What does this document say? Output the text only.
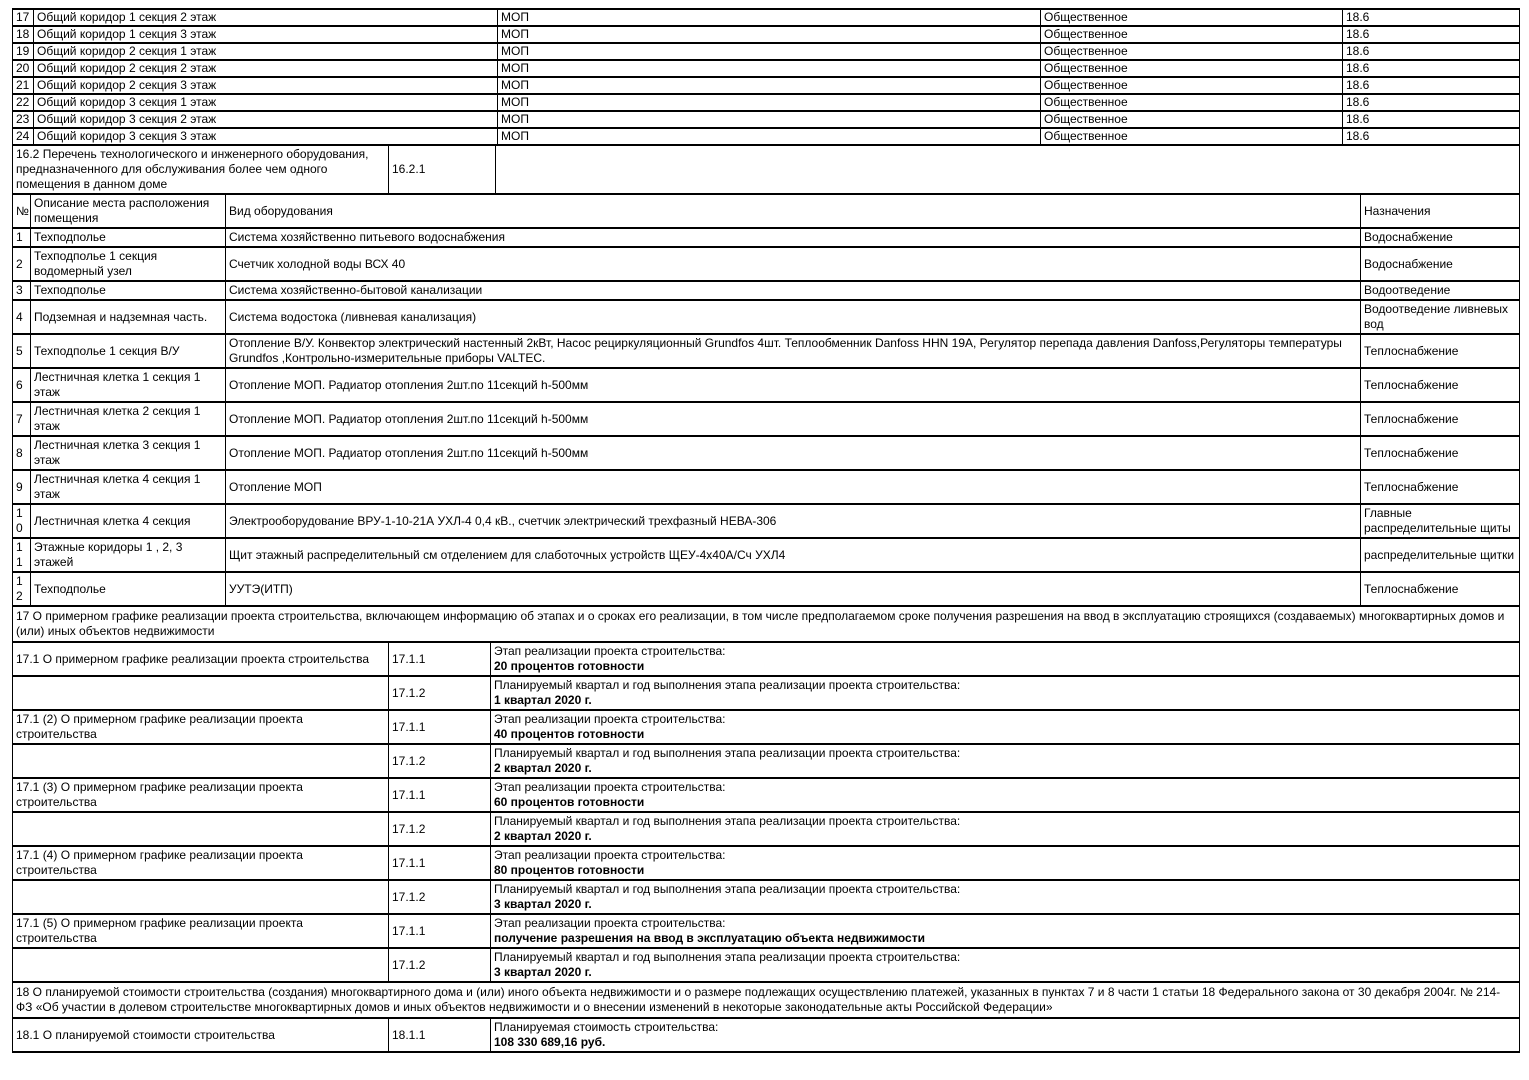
17	Общий коридор 1 секция 2 этаж	МОП	Общественное	18.6
18	Общий коридор 1 секция 3 этаж	МОП	Общественное	18.6
19	Общий коридор 2 секция 1 этаж	МОП	Общественное	18.6
20	Общий коридор 2 секция 2 этаж	МОП	Общественное	18.6
21	Общий коридор 2 секция 3 этаж	МОП	Общественное	18.6
22	Общий коридор 3 секция 1 этаж	МОП	Общественное	18.6
23	Общий коридор 3 секция 2 этаж	МОП	Общественное	18.6
24	Общий коридор 3 секция 3 этаж	МОП	Общественное	18.6
16.2 Перечень технологического и инженерного оборудования, предназначенного для обслуживания более чем одного помещения в данном доме	16.2.1	
№	Описание места расположения помещения	Вид оборудования	Назначения
1	Техподполье	Система хозяйственно питьевого водоснабжения	Водоснабжение
2	Техподполье 1 секция водомерный узел	Счетчик холодной воды ВСХ 40	Водоснабжение
3	Техподполье	Система хозяйственно-бытовой канализации	Водоотведение
4	Подземная и надземная часть.	Система водостока (ливневая канализация)	Водоотведение ливневых вод
5	Техподполье 1 секция В/У	Отопление В/У. Конвектор электрический настенный 2кВт, Насос рециркуляционный Grundfos 4шт. Теплообменник Danfoss HHN 19A, Регулятор перепада давления Danfoss,Регуляторы температуры Grundfos ,Контрольно-измерительные приборы VALTEC.	Теплоснабжение
6	Лестничная клетка 1 секция 1 этаж	Отопление МОП. Радиатор отопления 2шт.по 11секций h-500мм	Теплоснабжение
7	Лестничная клетка 2 секция 1 этаж	Отопление МОП. Радиатор отопления 2шт.по 11секций h-500мм	Теплоснабжение
8	Лестничная клетка 3 секция 1 этаж	Отопление МОП. Радиатор отопления 2шт.по 11секций h-500мм	Теплоснабжение
9	Лестничная клетка 4 секция 1 этаж	Отопление МОП	Теплоснабжение
10	Лестничная клетка 4 секция	Электрооборудование ВРУ-1-10-21А УХЛ-4 0,4 кВ., счетчик электрический трехфазный НЕВА-306	Главные распределительные щиты
11	Этажные коридоры 1 , 2, 3 этажей	Щит этажный распределительный см отделением для слаботочных устройств ЩЕУ-4х40А/Сч УХЛ4	распределительные щитки
12	Техподполье	УУТЭ(ИТП)	Теплоснабжение
17 О примерном графике реализации проекта строительства, включающем информацию об этапах и о сроках его реализации, в том числе предполагаемом сроке получения разрешения на ввод в эксплуатацию строящихся (создаваемых) многоквартирных домов и (или) иных объектов недвижимости
17.1 О примерном графике реализации проекта строительства	17.1.1	Этап реализации проекта строительства:
20 процентов готовности

	17.1.2	Планируемый квартал и год выполнения этапа реализации проекта строительства:
1 квартал 2020 г.

17.1 (2) О примерном графике реализации проекта строительства	17.1.1	Этап реализации проекта строительства:
40 процентов готовности

	17.1.2	Планируемый квартал и год выполнения этапа реализации проекта строительства:
2 квартал 2020 г.

17.1 (3) О примерном графике реализации проекта строительства	17.1.1	Этап реализации проекта строительства:
60 процентов готовности

	17.1.2	Планируемый квартал и год выполнения этапа реализации проекта строительства:
2 квартал 2020 г.

17.1 (4) О примерном графике реализации проекта строительства	17.1.1	Этап реализации проекта строительства:
80 процентов готовности

	17.1.2	Планируемый квартал и год выполнения этапа реализации проекта строительства:
3 квартал 2020 г.

17.1 (5) О примерном графике реализации проекта строительства	17.1.1	Этап реализации проекта строительства:
получение разрешения на ввод в эксплуатацию объекта недвижимости

	17.1.2	Планируемый квартал и год выполнения этапа реализации проекта строительства:
3 квартал 2020 г.
18 О планируемой стоимости строительства (создания) многоквартирного дома и (или) иного объекта недвижимости и о размере подлежащих осуществлению платежей, указанных в пунктах 7 и 8 части 1 статьи 18 Федерального закона от 30 декабря 2004г. № 214-ФЗ «Об участии в долевом строительстве многоквартирных домов и иных объектов недвижимости и о внесении изменений в некоторые законодательные акты Российской Федерации»
18.1 О планируемой стоимости строительства	18.1.1	
Планируемая стоимость строительства:
108 330 689,16 руб.
